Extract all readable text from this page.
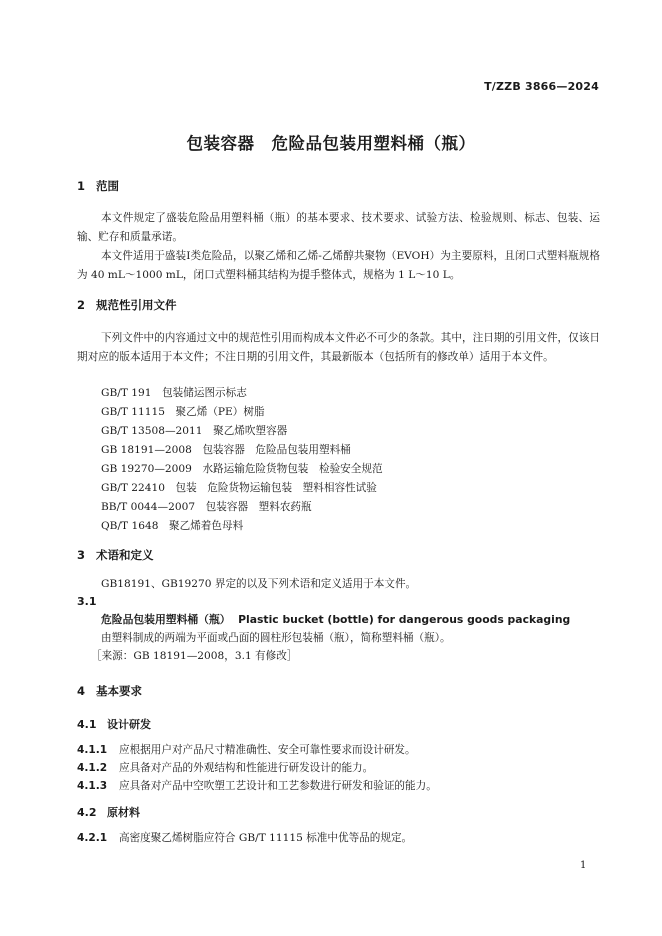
T/ZZB 3866—2024
包装容器　危险品包装用塑料桶（瓶）
1 范围

本文件规定了盛装危险品用塑料桶（瓶）的基本要求、技术要求、试验方法、检验规则、标志、包装、运输、贮存和质量承诺。

本文件适用于盛装Ⅰ类危险品，以聚乙烯和乙烯-乙烯醇共聚物（EVOH）为主要原料，且闭口式塑料瓶规格为 40 mL～1000 mL，闭口式塑料桶其结构为提手整体式，规格为 1 L～10 L。

2 规范性引用文件

下列文件中的内容通过文中的规范性引用而构成本文件必不可少的条款。其中，注日期的引用文件，仅该日期对应的版本适用于本文件；不注日期的引用文件，其最新版本（包括所有的修改单）适用于本文件。

GB/T 191　包装储运图示标志
GB/T 11115　聚乙烯（PE）树脂
GB/T 13508—2011　聚乙烯吹塑容器
GB 18191—2008　包装容器　危险品包装用塑料桶
GB 19270—2009　水路运输危险货物包装　检验安全规范
GB/T 22410　包装　危险货物运输包装　塑料相容性试验
BB/T 0044—2007　包装容器　塑料农药瓶
QB/T 1648　聚乙烯着色母料
3 术语和定义
GB18191、GB19270 界定的以及下列术语和定义适用于本文件。
3.1
危险品包装用塑料桶（瓶） Plastic bucket (bottle) for dangerous goods packaging
由塑料制成的两端为平面或凸面的圆柱形包装桶（瓶），简称塑料桶（瓶）。
［来源：GB 18191—2008，3.1 有修改］
4 基本要求
4.1 设计研发
4.1.1 应根据用户对产品尺寸精准确性、安全可靠性要求而设计研发。
4.1.2 应具备对产品的外观结构和性能进行研发设计的能力。
4.1.3 应具备对产品中空吹塑工艺设计和工艺参数进行研发和验证的能力。
4.2 原材料
4.2.1 高密度聚乙烯树脂应符合 GB/T 11115 标准中优等品的规定。
1
